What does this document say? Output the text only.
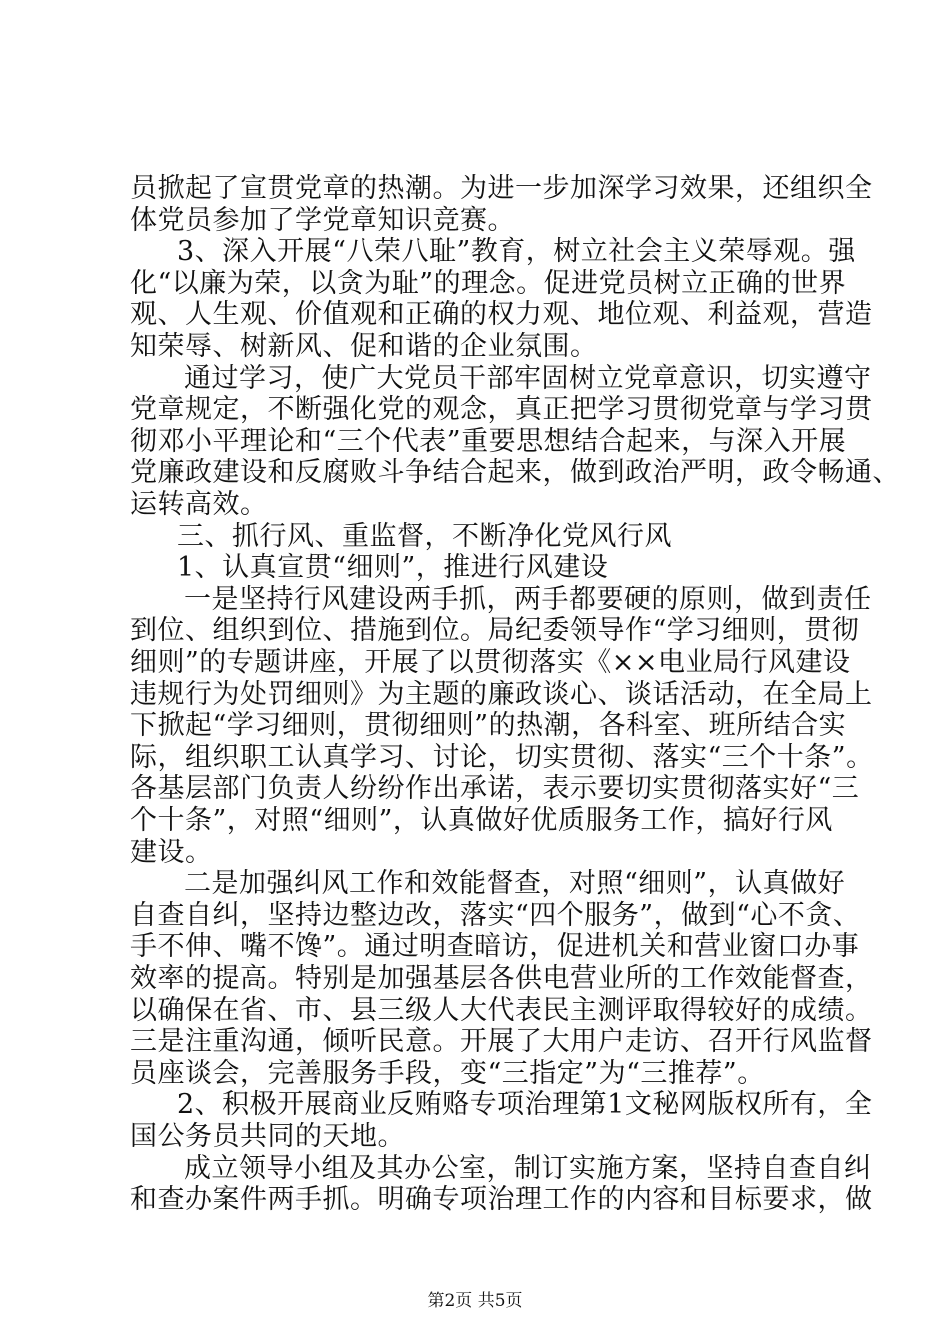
员掀起了宣贯党章的热潮。为进一步加深学习效果，还组织全
体党员参加了学党章知识竞赛。
3、深入开展“八荣八耻”教育，树立社会主义荣辱观。强
化“以廉为荣，以贪为耻”的理念。促进党员树立正确的世界
观、人生观、价值观和正确的权力观、地位观、利益观，营造
知荣辱、树新风、促和谐的企业氛围。
通过学习，使广大党员干部牢固树立党章意识，切实遵守
党章规定，不断强化党的观念，真正把学习贯彻党章与学习贯
彻邓小平理论和“三个代表”重要思想结合起来，与深入开展
党廉政建设和反腐败斗争结合起来，做到政治严明，政令畅通、
运转高效。
三、抓行风、重监督，不断净化党风行风
1、认真宣贯“细则”，推进行风建设
一是坚持行风建设两手抓，两手都要硬的原则，做到责任
到位、组织到位、措施到位。局纪委领导作“学习细则，贯彻
细则”的专题讲座，开展了以贯彻落实《××电业局行风建设
违规行为处罚细则》为主题的廉政谈心、谈话活动，在全局上
下掀起“学习细则，贯彻细则”的热潮，各科室、班所结合实
际，组织职工认真学习、讨论，切实贯彻、落实“三个十条”。
各基层部门负责人纷纷作出承诺，表示要切实贯彻落实好“三
个十条”，对照“细则”，认真做好优质服务工作，搞好行风
建设。
二是加强纠风工作和效能督查，对照“细则”，认真做好
自查自纠，坚持边整边改，落实“四个服务”，做到“心不贪、
手不伸、嘴不馋”。通过明查暗访，促进机关和营业窗口办事
效率的提高。特别是加强基层各供电营业所的工作效能督查，
以确保在省、市、县三级人大代表民主测评取得较好的成绩。
三是注重沟通，倾听民意。开展了大用户走访、召开行风监督
员座谈会，完善服务手段，变“三指定”为“三推荐”。
2、积极开展商业反贿赂专项治理第1文秘网版权所有，全
国公务员共同的天地。
成立领导小组及其办公室，制订实施方案，坚持自查自纠
和查办案件两手抓。明确专项治理工作的内容和目标要求，做
第2页 共5页
